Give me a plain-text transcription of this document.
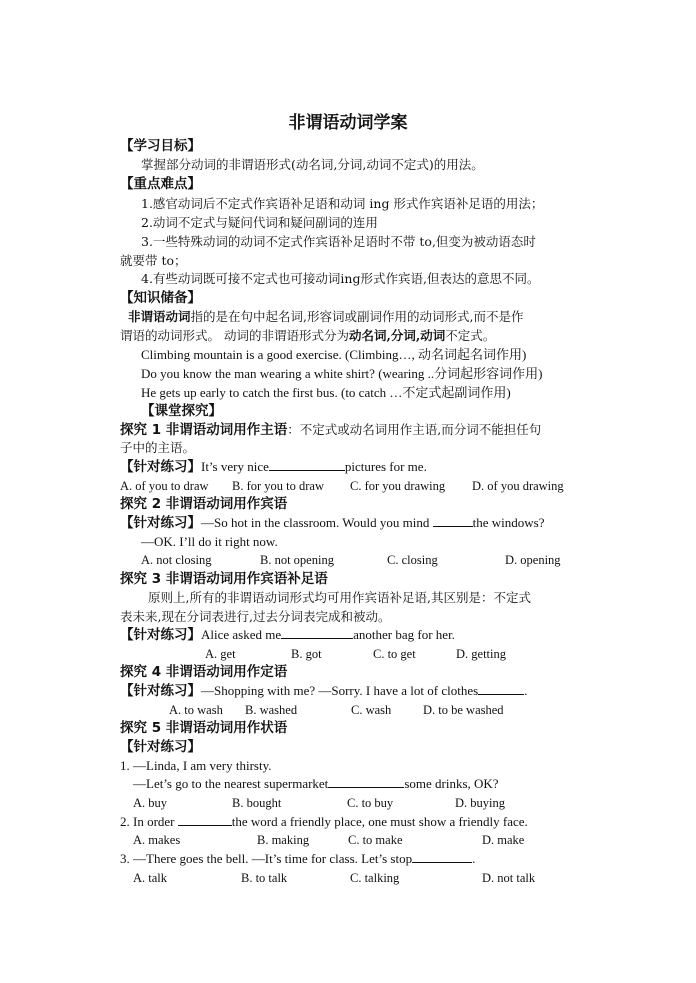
非谓语动词学案
【学习目标】
掌握部分动词的非谓语形式(动名词,分词,动词不定式)的用法。
【重点难点】
1.感官动词后不定式作宾语补足语和动词 ing 形式作宾语补足语的用法；
2.动词不定式与疑问代词和疑问副词的连用
3.一些特殊动词的动词不定式作宾语补足语时不带 to,但变为被动语态时
就要带 to；
4.有些动词既可接不定式也可接动词ing形式作宾语,但表达的意思不同。
【知识储备】
非谓语动词指的是在句中起名词,形容词或副词作用的动词形式,而不是作
谓语的动词形式。 动词的非谓语形式分为动名词,分词,动词不定式。
Climbing mountain is a good exercise. (Climbing…, 动名词起名词作用)
Do you know the man wearing a white shirt? (wearing ..分词起形容词作用)
He gets up early to catch the first bus. (to catch …不定式起副词作用)
【课堂探究】
探究 1 非谓语动词用作主语：不定式或动名词用作主语,而分词不能担任句
子中的主语。
【针对练习】It’s very nice	pictures for me.
A. of you to draw B. for you to draw C. for you drawing D. of you drawing
探究 2 非谓语动词用作宾语
【针对练习】—So hot in the classroom. Would you mind	the windows?
—OK. I’ll do it right now.
A. not closing	B. not opening	C. closing	D. opening
探究 3 非谓语动词用作宾语补足语
原则上,所有的非谓语动词形式均可用作宾语补足语,其区别是：不定式
表未来,现在分词表进行,过去分词表完成和被动。
【针对练习】Alice asked me	another bag for her.
A. get	B. got	C. to get	D. getting
探究 4 非谓语动词用作定语
【针对练习】—Shopping with me? —Sorry. I have a lot of clothes	.
A. to wash B. washed	C. wash	D. to be washed
探究 5 非谓语动词用作状语
【针对练习】
1. —Linda, I am very thirsty.
—Let’s go to the nearest supermarket	some drinks, OK?
A. buy	B. bought	C. to buy	D. buying
2. In order	the word a friendly place, one must show a friendly face.
A. makes	B. making	C. to make	D. make
3. —There goes the bell. —It’s time for class. Let’s stop	.
A. talk	B. to talk	C. talking	D. not talk
